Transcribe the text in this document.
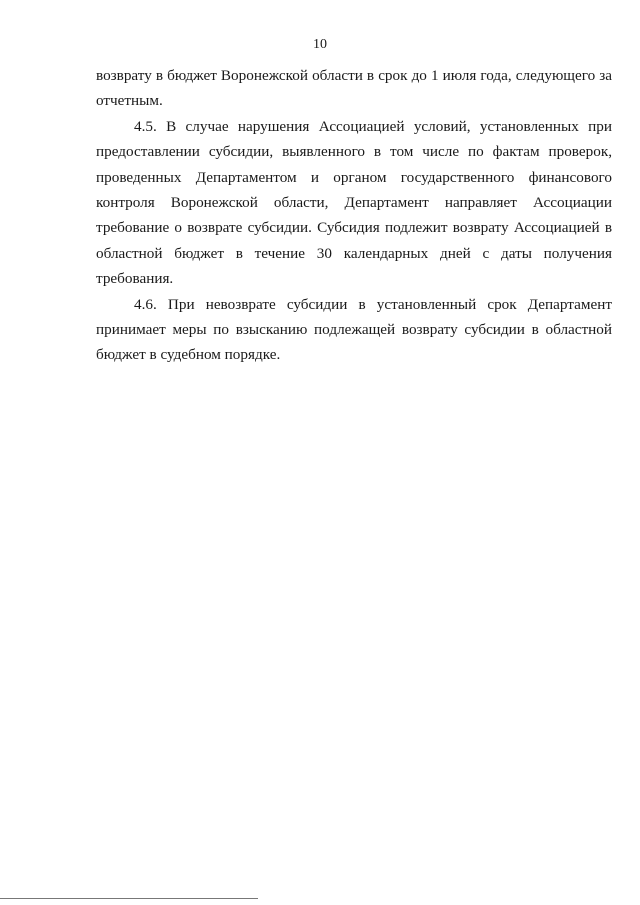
10

возврату в бюджет Воронежской области в срок до 1 июля года, следующего за отчетным.

4.5. В случае нарушения Ассоциацией условий, установленных при предоставлении субсидии, выявленного в том числе по фактам проверок, проведенных Департаментом и органом государственного финансового контроля Воронежской области, Департамент направляет Ассоциации требование о возврате субсидии. Субсидия подлежит возврату Ассоциацией в областной бюджет в течение 30 календарных дней с даты получения требования.

4.6. При невозврате субсидии в установленный срок Департамент принимает меры по взысканию подлежащей возврату субсидии в областной бюджет в судебном порядке.
